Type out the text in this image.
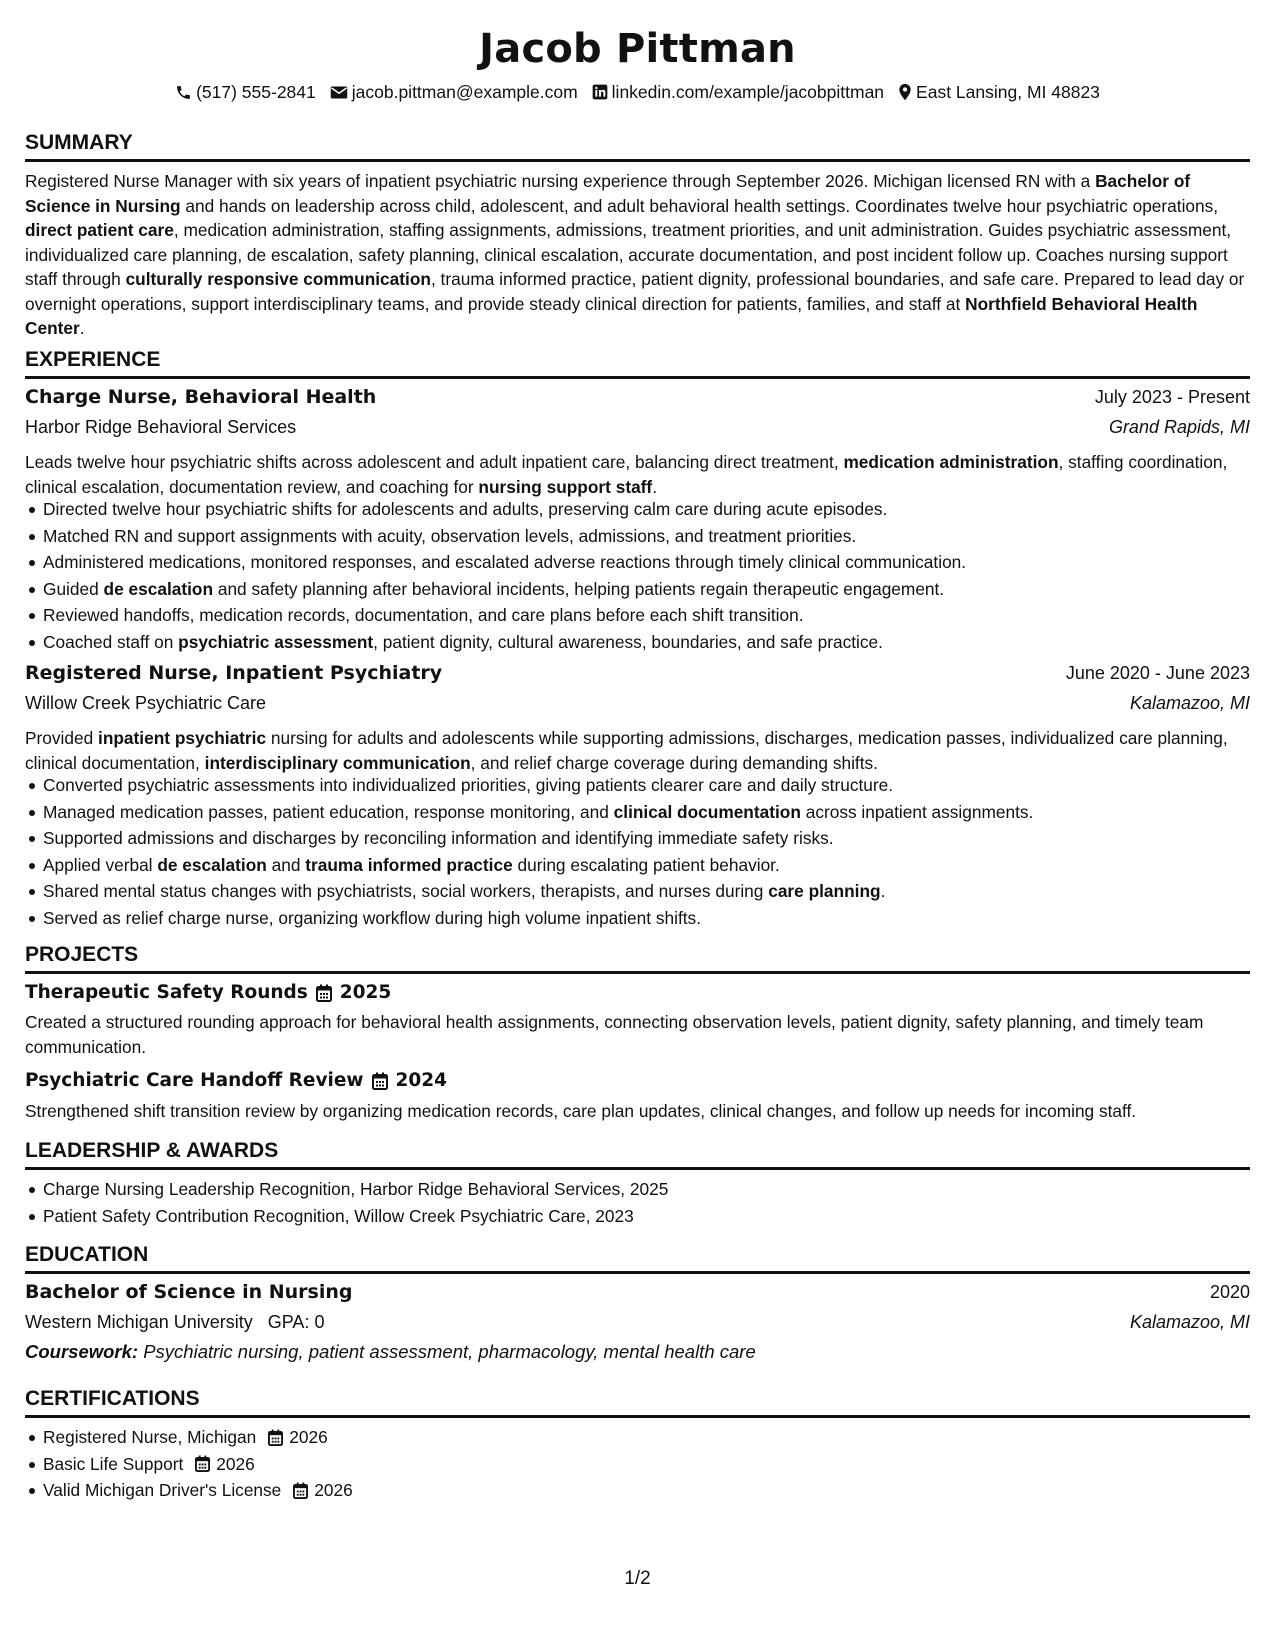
Jacob Pittman
(517) 555-2841 jacob.pittman@example.com linkedin.com/example/jacobpittman East Lansing, MI 48823
SUMMARY

Registered Nurse Manager with six years of inpatient psychiatric nursing experience through September 2026. Michigan licensed RN with a Bachelor of Science in Nursing and hands on leadership across child, adolescent, and adult behavioral health settings. Coordinates twelve hour psychiatric operations, direct patient care, medication administration, staffing assignments, admissions, treatment priorities, and unit administration. Guides psychiatric assessment, individualized care planning, de escalation, safety planning, clinical escalation, accurate documentation, and post incident follow up. Coaches nursing support staff through culturally responsive communication, trauma informed practice, patient dignity, professional boundaries, and safe care. Prepared to lead day or overnight operations, support interdisciplinary teams, and provide steady clinical direction for patients, families, and staff at Northfield Behavioral Health Center.

EXPERIENCE
Charge Nurse, Behavioral Health	July 2023 - Present
Harbor Ridge Behavioral Services	Grand Rapids, MI

Leads twelve hour psychiatric shifts across adolescent and adult inpatient care, balancing direct treatment, medication administration, staffing coordination, clinical escalation, documentation review, and coaching for nursing support staff.

Directed twelve hour psychiatric shifts for adolescents and adults, preserving calm care during acute episodes.
Matched RN and support assignments with acuity, observation levels, admissions, and treatment priorities.
Administered medications, monitored responses, and escalated adverse reactions through timely clinical communication.
Guided de escalation and safety planning after behavioral incidents, helping patients regain therapeutic engagement.
Reviewed handoffs, medication records, documentation, and care plans before each shift transition.
Coached staff on psychiatric assessment, patient dignity, cultural awareness, boundaries, and safe practice.
Registered Nurse, Inpatient Psychiatry	June 2020 - June 2023
Willow Creek Psychiatric Care	Kalamazoo, MI

Provided inpatient psychiatric nursing for adults and adolescents while supporting admissions, discharges, medication passes, individualized care planning, clinical documentation, interdisciplinary communication, and relief charge coverage during demanding shifts.

Converted psychiatric assessments into individualized priorities, giving patients clearer care and daily structure.
Managed medication passes, patient education, response monitoring, and clinical documentation across inpatient assignments.
Supported admissions and discharges by reconciling information and identifying immediate safety risks.
Applied verbal de escalation and trauma informed practice during escalating patient behavior.
Shared mental status changes with psychiatrists, social workers, therapists, and nurses during care planning.
Served as relief charge nurse, organizing workflow during high volume inpatient shifts.
PROJECTS
Therapeutic Safety Rounds 2025

Created a structured rounding approach for behavioral health assignments, connecting observation levels, patient dignity, safety planning, and timely team communication.

Psychiatric Care Handoff Review 2024

Strengthened shift transition review by organizing medication records, care plan updates, clinical changes, and follow up needs for incoming staff.

LEADERSHIP & AWARDS
Charge Nursing Leadership Recognition, Harbor Ridge Behavioral Services, 2025
Patient Safety Contribution Recognition, Willow Creek Psychiatric Care, 2023
EDUCATION
Bachelor of Science in Nursing	2020
Western Michigan University GPA: 0	Kalamazoo, MI
Coursework: Psychiatric nursing, patient assessment, pharmacology, mental health care
CERTIFICATIONS
Registered Nurse, Michigan 2026
Basic Life Support 2026
Valid Michigan Driver's License 2026
1/2
